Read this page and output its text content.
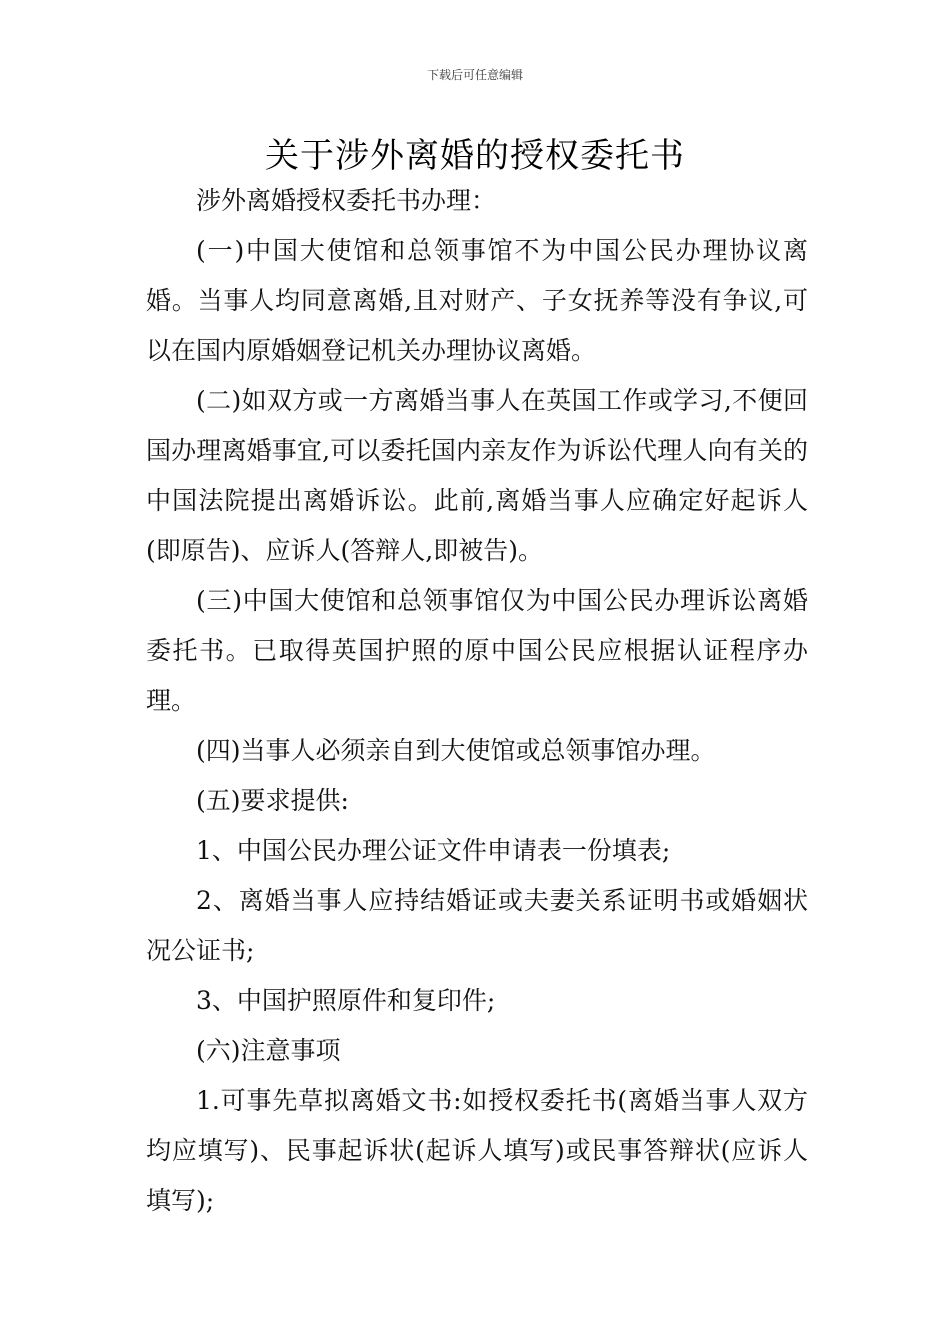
下载后可任意编辑
关于涉外离婚的授权委托书

涉外离婚授权委托书办理：

(一)中国大使馆和总领事馆不为中国公民办理协议离婚。当事人均同意离婚,且对财产、子女抚养等没有争议,可以在国内原婚姻登记机关办理协议离婚。

(二)如双方或一方离婚当事人在英国工作或学习,不便回国办理离婚事宜,可以委托国内亲友作为诉讼代理人向有关的中国法院提出离婚诉讼。此前,离婚当事人应确定好起诉人(即原告)、应诉人(答辩人,即被告)。

(三)中国大使馆和总领事馆仅为中国公民办理诉讼离婚委托书。已取得英国护照的原中国公民应根据认证程序办理。

(四)当事人必须亲自到大使馆或总领事馆办理。

(五)要求提供:

1、中国公民办理公证文件申请表一份填表;

2、离婚当事人应持结婚证或夫妻关系证明书或婚姻状况公证书;

3、中国护照原件和复印件;

(六)注意事项

1.可事先草拟离婚文书:如授权委托书(离婚当事人双方均应填写)、民事起诉状(起诉人填写)或民事答辩状(应诉人填写);
